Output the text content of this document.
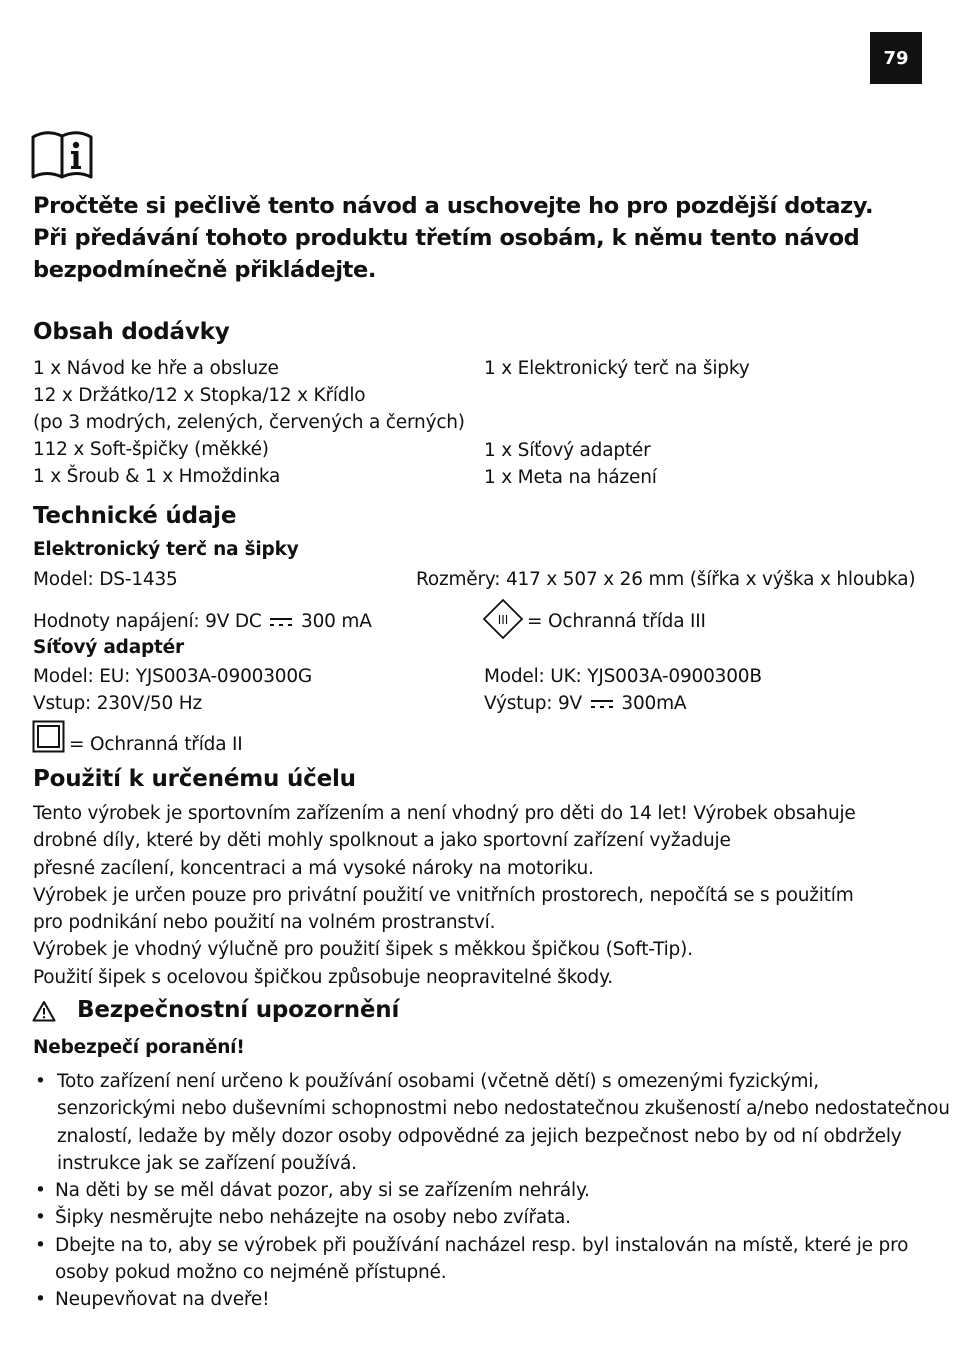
79
Pročtěte si pečlivě tento návod a uschovejte ho pro pozdější dotazy.
Při předávání tohoto produktu třetím osobám, k němu tento návod
bezpodmínečně přikládejte.
Obsah dodávky
1 x Návod ke hře a obsluze
12 x Držátko/12 x Stopka/12 x Křídlo
(po 3 modrých, zelených, červených a černých)
112 x Soft-špičky (měkké)
1 x Šroub & 1 x Hmoždinka
1 x Elektronický terč na šipky
1 x Síťový adaptér
1 x Meta na házení
Technické údaje
Elektronický terč na šipky
Model: DS-1435	Rozměry: 417 x 507 x 26 mm (šířka x výška x hloubka)
Hodnoty napájení: 9V DC 300 mA	III = Ochranná třída III
Síťový adaptér
Model: EU: YJS003A-0900300G	Model: UK: YJS003A-0900300B
Vstup: 230V/50 Hz	Výstup: 9V 300mA
= Ochranná třída II
Použití k určenému účelu
Tento výrobek je sportovním zařízením a není vhodný pro děti do 14 let! Výrobek obsahuje
drobné díly, které by děti mohly spolknout a jako sportovní zařízení vyžaduje
přesné zacílení, koncentraci a má vysoké nároky na motoriku.
Výrobek je určen pouze pro privátní použití ve vnitřních prostorech, nepočítá se s použitím
pro podnikání nebo použití na volném prostranství.
Výrobek je vhodný výlučně pro použití šipek s měkkou špičkou (Soft-Tip).
Použití šipek s ocelovou špičkou způsobuje neopravitelné škody.
Bezpečnostní upozornění
Nebezpečí poranění!
• Toto zařízení není určeno k používání osobami (včetně dětí) s omezenými fyzickými,
senzorickými nebo duševními schopnostmi nebo nedostatečnou zkušeností a/nebo nedostatečnou
znalostí, ledaže by měly dozor osoby odpovědné za jejich bezpečnost nebo by od ní obdržely
instrukce jak se zařízení používá.
• Na děti by se měl dávat pozor, aby si se zařízením nehrály.
• Šipky nesměrujte nebo neházejte na osoby nebo zvířata.
• Dbejte na to, aby se výrobek při používání nacházel resp. byl instalován na místě, které je pro
osoby pokud možno co nejméně přístupné.
• Neupevňovat na dveře!
